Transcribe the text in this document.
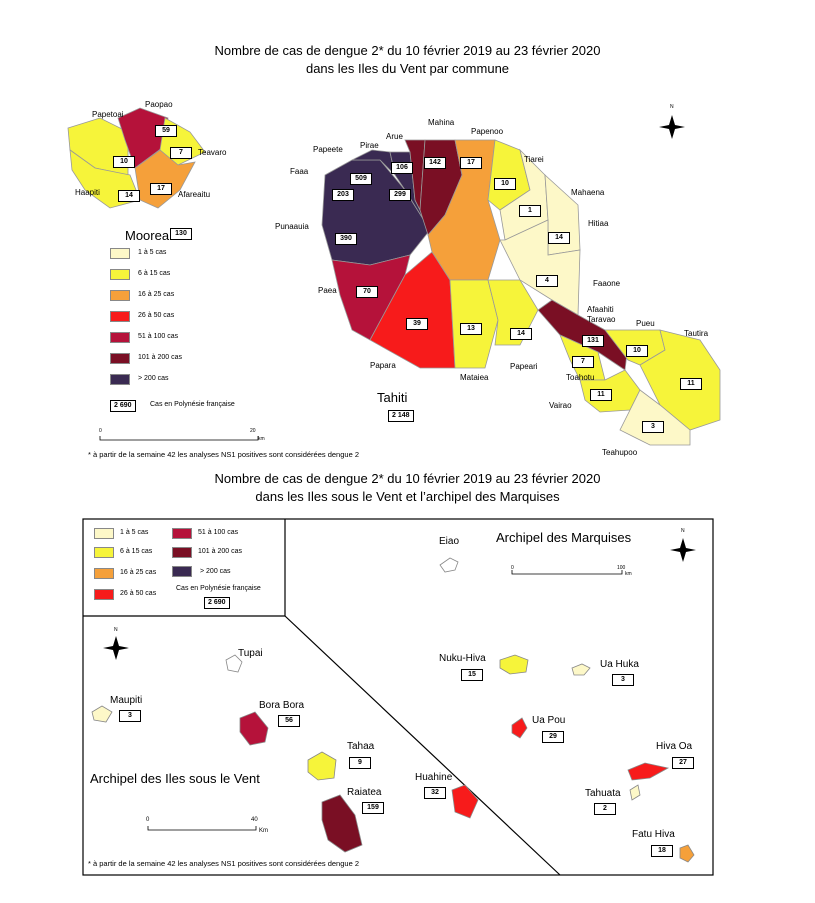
Nombre de cas de dengue 2* du 10 février 2019 au 23 février 2020
dans les Iles du Vent par commune
Nombre de cas de dengue 2* du 10 février 2019 au 23 février 2020
dans les Iles sous le Vent et l’archipel des Marquises
N
N
N
Papetoai
Paopao
Teavaro
Haapiti	Afareaitu
10
59
7
14
17
Moorea 130
1 à 5 cas
6 à 15 cas
16 à 25 cas
26 à 50 cas
51 à 100 cas
101 à 200 cas
> 200 cas
2 690	Cas en Polynésie française
0	20
km
* à partir de la semaine 42 les analyses NS1 positives sont considérées dengue 2
Mahina
Arue
Pirae
Papeete
Faaa
Punaauia
Paea
Papara
Mataiea
Papeari
Papenoo
Tiarei
Mahaena
Hitiaa
Faaone
Afaahiti Taravao	Pueu
Tautira
Toahotu
Vairao
Teahupoo
142
106
299
509
203
390
70
39
13
14
17
10
1
14
4
131
10
11
7
11
3
Tahiti
2 148
1 à 5 cas
6 à 15 cas
16 à 25 cas
26 à 50 cas
51 à 100 cas
101 à 200 cas
> 200 cas
Cas en Polynésie française
2 690
Archipel des Marquises
0	100
km
Eiao
Nuku-Hiva
15
Ua Huka
3
Ua Pou
29
Hiva Oa
27
Tahuata
2
Fatu Hiva
18
Archipel des Iles sous le Vent
Tupai
Maupiti
3
Bora Bora
56
Tahaa
9
Raiatea
159
Huahine
32
0	40
Km
* à partir de la semaine 42 les analyses NS1 positives sont considérées dengue 2
